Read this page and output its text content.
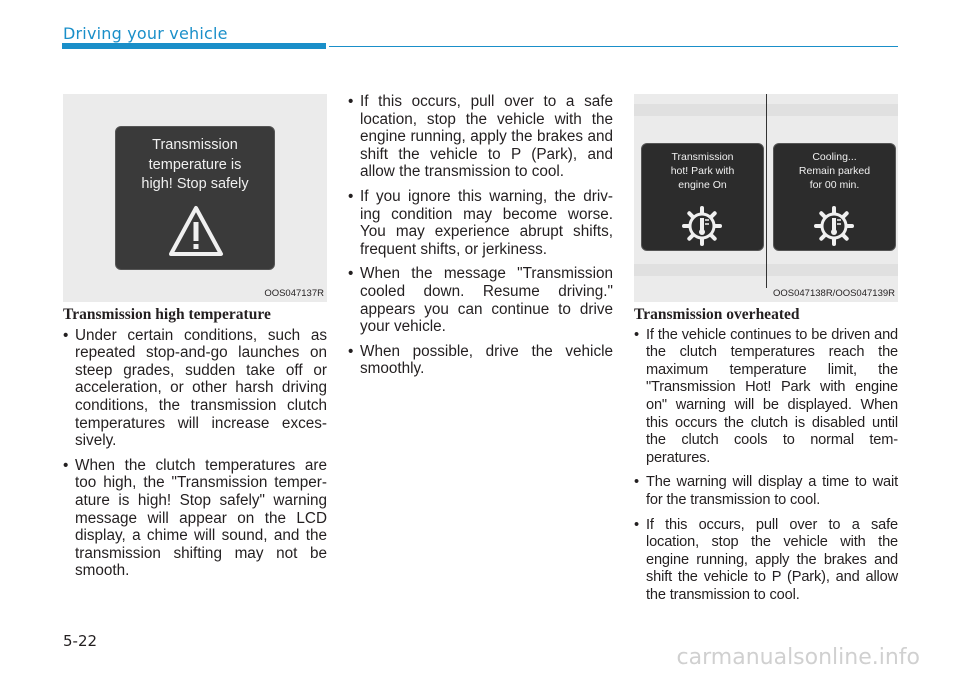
Driving your vehicle
Transmission
temperature is
high! Stop safely
OOS047137R
Transmission
hot! Park with
engine On
Cooling...
Remain parked
for 00 min.
OOS047138R/OOS047139R
Transmission high temperature
• Under certain conditions, such as repeated stop-and-go launches on steep grades, sudden take off or acceleration, or other harsh driving conditions, the transmission clutch temperatures will increase exces-sively.
• When the clutch temperatures are too high, the "Transmission temper-ature is high! Stop safely" warning message will appear on the LCD display, a chime will sound, and the transmission shifting may not be smooth.
• If this occurs, pull over to a safe location, stop the vehicle with the engine running, apply the brakes and shift the vehicle to P (Park), and allow the transmission to cool.
• If you ignore this warning, the driv-ing condition may become worse. You may experience abrupt shifts, frequent shifts, or jerkiness.
• When the message "Transmission cooled down. Resume driving." appears you can continue to drive your vehicle.
• When possible, drive the vehicle smoothly.
Transmission overheated
• If the vehicle continues to be driven and the clutch temperatures reach the maximum temperature limit, the "Transmission Hot! Park with engine on" warning will be displayed. When this occurs the clutch is disabled until the clutch cools to normal tem-peratures.
• The warning will display a time to wait for the transmission to cool.
• If this occurs, pull over to a safe location, stop the vehicle with the engine running, apply the brakes and shift the vehicle to P (Park), and allow the transmission to cool.
5-22
carmanualsonline.info
